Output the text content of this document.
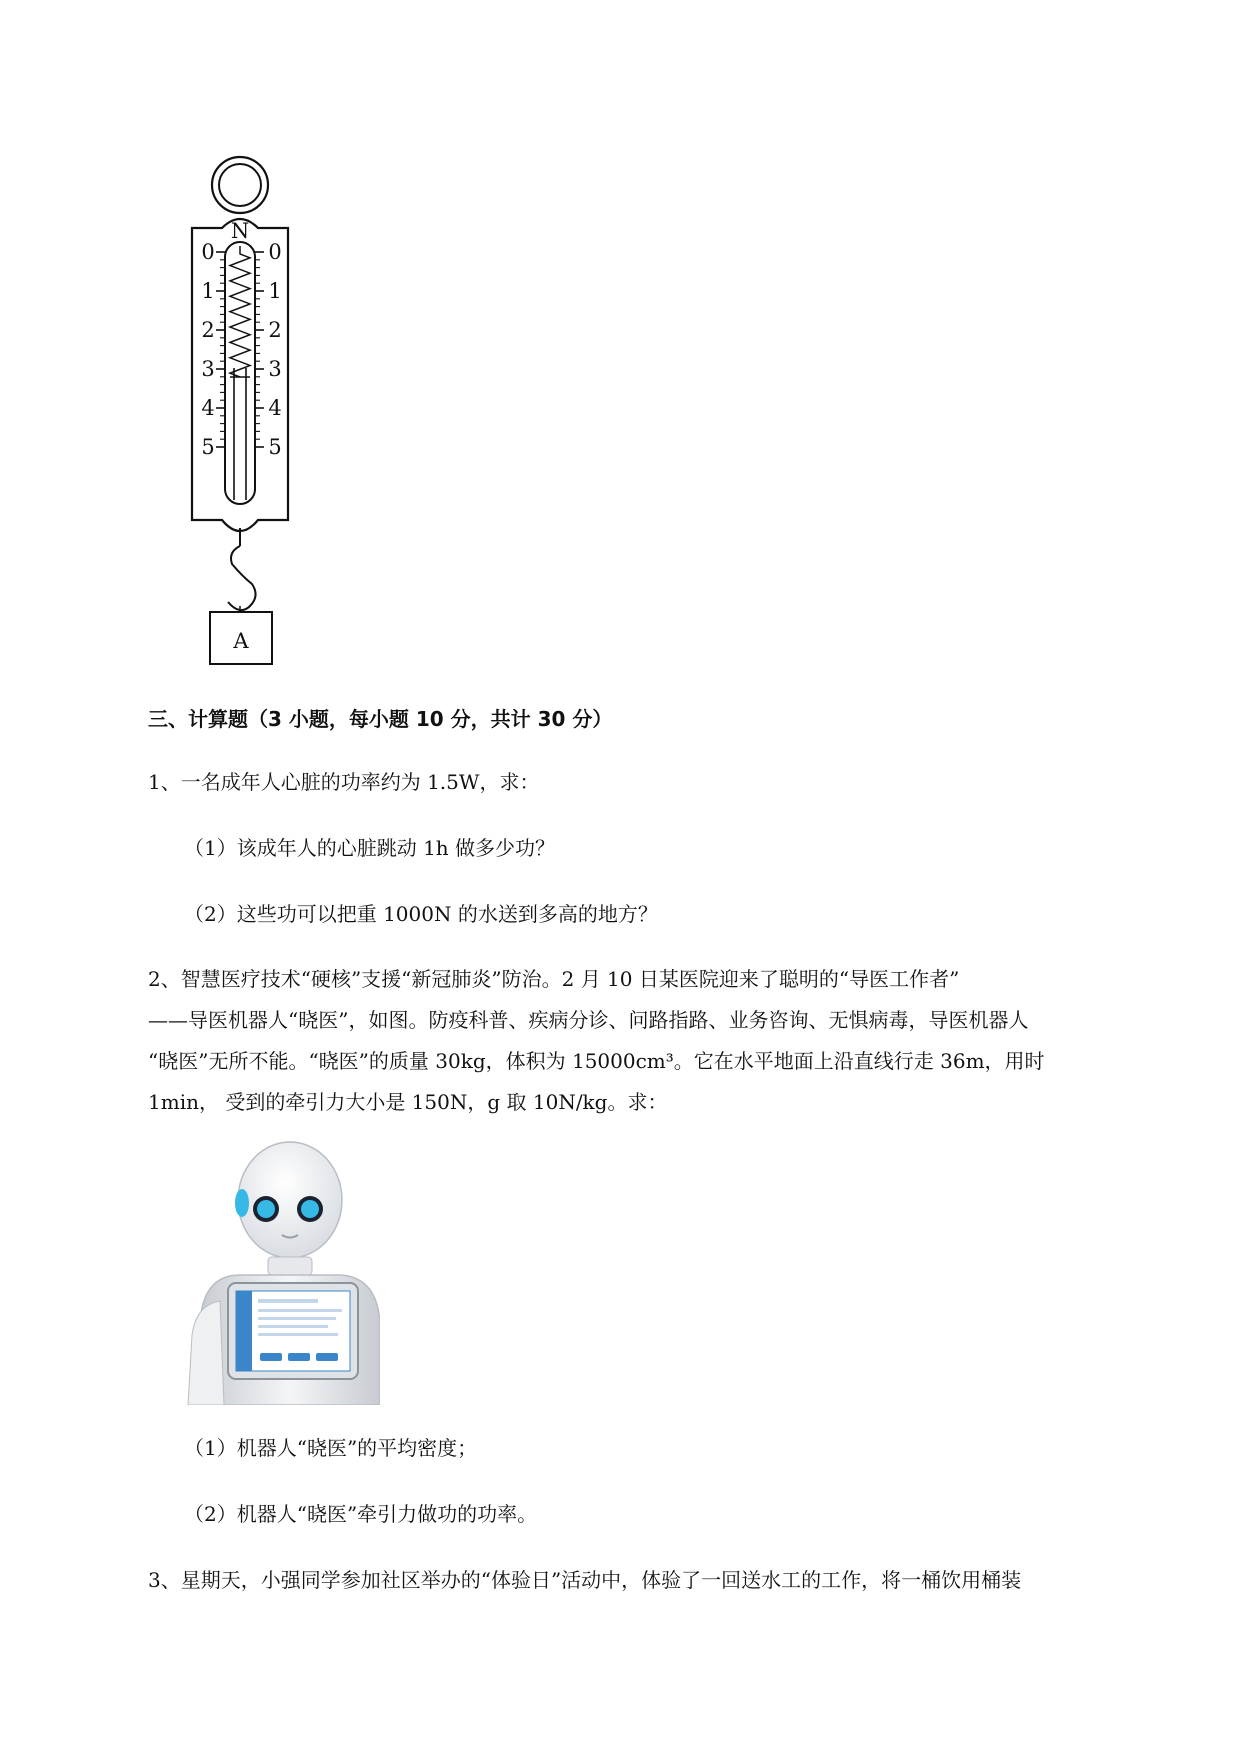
N
0
1
2
3
4
5
0
1
2
3
4
5
A
三、计算题（3 小题，每小题 10 分，共计 30 分）
1、一名成年人心脏的功率约为 1.5W，求：
（1）该成年人的心脏跳动 1h 做多少功？
（2）这些功可以把重 1000N 的水送到多高的地方？
2、智慧医疗技术“硬核”支援“新冠肺炎”防治。2 月 10 日某医院迎来了聪明的“导医工作者”
——导医机器人“晓医”，如图。防疫科普、疾病分诊、问路指路、业务咨询、无惧病毒，导医机器人
“晓医”无所不能。“晓医”的质量 30kg，体积为 15000cm³。它在水平地面上沿直线行走 36m，用时
1min， 受到的牵引力大小是 150N，g 取 10N/kg。求：
（1）机器人“晓医”的平均密度；
（2）机器人“晓医”牵引力做功的功率。
3、星期天，小强同学参加社区举办的“体验日”活动中，体验了一回送水工的工作，将一桶饮用桶装
